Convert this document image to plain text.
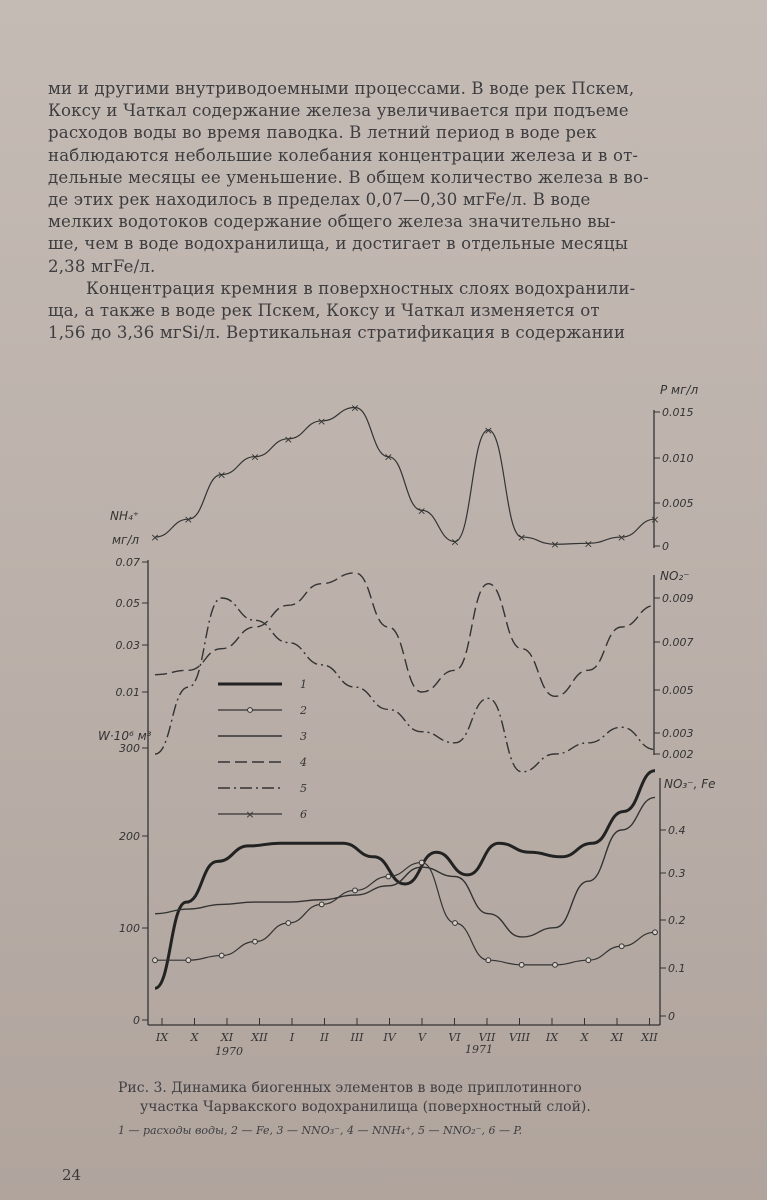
ми и другими внутриводоемными процессами. В воде рек Пскем,
Коксу и Чаткал содержание железа увеличивается при подъеме
расходов воды во время паводка. В летний период в воде рек
наблюдаются небольшие колебания концентрации железа и в от-
дельные месяцы ее уменьшение. В общем количество железа в во-
де этих рек находилось в пределах 0,07—0,30 мгFe/л. В воде
мелких водотоков содержание общего железа значительно вы-
ше, чем в воде водохранилища, и достигает в отдельные месяцы
2,38 мгFe/л.

Концентрация кремния в поверхностных слоях водохранили-
ща, а также в воде рек Пскем, Коксу и Чаткал изменяется от
1,56 до 3,36 мгSi/л. Вертикальная стратификация в содержании

P мг/л
NH₄⁺
мг/л
NO₂⁻
W·10⁶ м³
NO₃⁻, Fe
IX X XI XII I II III IV V VI VII VIII IX X XI XII
0.015
0.010
0.005
0
0.07
0.05
0.03
0.01
0.009
0.007
0.005
0.003
0.002
300
200
100
0
0.4
0.3
0.2
0.1
0
×
×
×
×
×
×
×
×
×
×
×
×
× × ×
×
1
2
3
4
5
×	6
1970	1971
Рис. 3. Динамика биогенных элементов в воде приплотинного

участка Чарвакского водохранилища (поверхностный слой).
1 — расходы воды, 2 — Fe, 3 — NNO₃⁻, 4 — NNH₄⁺, 5 — NNO₂⁻, 6 — P.
24
